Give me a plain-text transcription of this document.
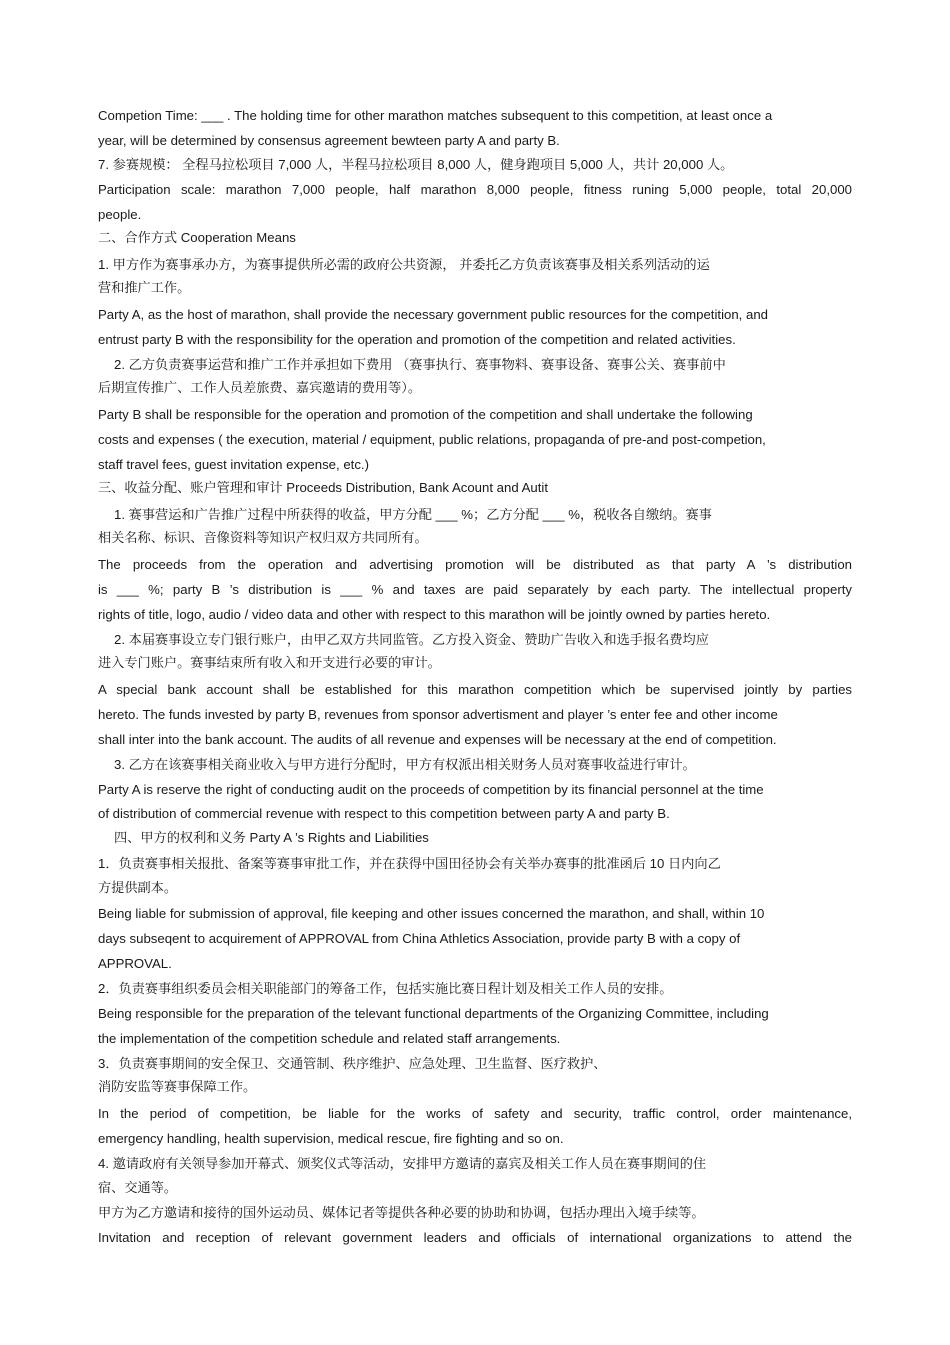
Competion Time: ___ . The holding time for other marathon matches subsequent to this competition, at least once a
year, will be determined by consensus agreement bewteen party A and party B.
7. 参赛规模： 全程马拉松项目 7,000 人，半程马拉松项目 8,000 人，健身跑项目 5,000 人，共计 20,000 人。
Participation scale: marathon 7,000 people, half marathon 8,000 people, fitness runing 5,000 people, total 20,000
people.
二、合作方式 Cooperation Means
1. 甲方作为赛事承办方，为赛事提供所必需的政府公共资源， 并委托乙方负责该赛事及相关系列活动的运
营和推广工作。
Party A, as the host of marathon, shall provide the necessary government public resources for the competition, and
entrust party B with the responsibility for the operation and promotion of the competition and related activities.
2. 乙方负责赛事运营和推广工作并承担如下费用 （赛事执行、赛事物料、赛事设备、赛事公关、赛事前中
后期宣传推广、工作人员差旅费、嘉宾邀请的费用等）。
Party B shall be responsible for the operation and promotion of the competition and shall undertake the following
costs and expenses ( the execution, material / equipment, public relations, propaganda of pre-and post-competion,
staff travel fees, guest invitation expense, etc.)
三、收益分配、账户管理和审计 Proceeds Distribution, Bank Acount and Autit
1. 赛事营运和广告推广过程中所获得的收益，甲方分配 ___ %；乙方分配 ___ %，税收各自缴纳。赛事
相关名称、标识、音像资料等知识产权归双方共同所有。
The proceeds from the operation and advertising promotion will be distributed as that party A ’s distribution
is ___ %; party B ’s distribution is ___ % and taxes are paid separately by each party. The intellectual property
rights of title, logo, audio / video data and other with respect to this marathon will be jointly owned by parties hereto.
2. 本届赛事设立专门银行账户，由甲乙双方共同监管。乙方投入资金、赞助广告收入和选手报名费均应
进入专门账户。赛事结束所有收入和开支进行必要的审计。
A special bank account shall be established for this marathon competition which be supervised jointly by parties
hereto. The funds invested by party B, revenues from sponsor advertisment and player ’s enter fee and other income
shall inter into the bank account. The audits of all revenue and expenses will be necessary at the end of competition.
3. 乙方在该赛事相关商业收入与甲方进行分配时，甲方有权派出相关财务人员对赛事收益进行审计。
Party A is reserve the right of conducting audit on the proceeds of competition by its financial personnel at the time
of distribution of commercial revenue with respect to this competition between party A and party B.
四、甲方的权利和义务 Party A ’s Rights and Liabilities
1．负责赛事相关报批、备案等赛事审批工作，并在获得中国田径协会有关举办赛事的批准函后 10 日内向乙
方提供副本。
Being liable for submission of approval, file keeping and other issues concerned the marathon, and shall, within 10
days subseqent to acquirement of APPROVAL from China Athletics Association, provide party B with a copy of
APPROVAL.
2．负责赛事组织委员会相关职能部门的筹备工作，包括实施比赛日程计划及相关工作人员的安排。
Being responsible for the preparation of the televant functional departments of the Organizing Committee, including
the implementation of the competition schedule and related staff arrangements.
3．负责赛事期间的安全保卫、交通管制、秩序维护、应急处理、卫生监督、医疗救护、
消防安监等赛事保障工作。
In the period of competition, be liable for the works of safety and security, traffic control, order maintenance,
emergency handling, health supervision, medical rescue, fire fighting and so on.
4. 邀请政府有关领导参加开幕式、颁奖仪式等活动，安排甲方邀请的嘉宾及相关工作人员在赛事期间的住
宿、交通等。
甲方为乙方邀请和接待的国外运动员、媒体记者等提供各种必要的协助和协调，包括办理出入境手续等。
Invitation and reception of relevant government leaders and officials of international organizations to attend the
